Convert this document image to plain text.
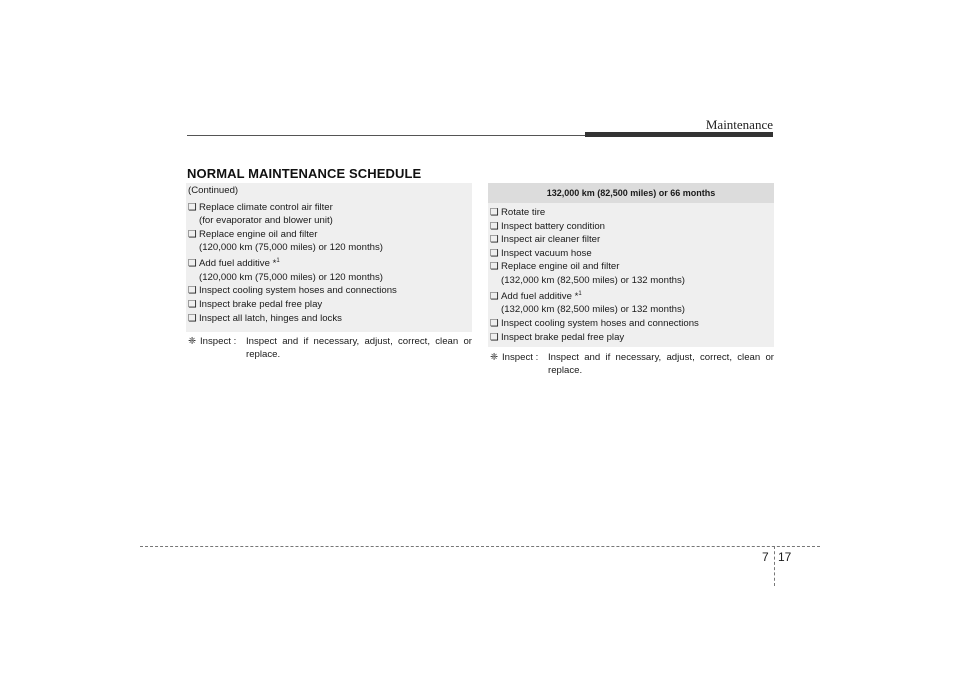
Maintenance
NORMAL MAINTENANCE SCHEDULE
(Continued)
❑ Replace climate control air filter
(for evaporator and blower unit)
❑ Replace engine oil and filter
(120,000 km (75,000 miles) or 120 months)
❑ Add fuel additive *$^1$
(120,000 km (75,000 miles) or 120 months)
❑ Inspect cooling system hoses and connections
❑ Inspect brake pedal free play
❑ Inspect all latch, hinges and locks
❈ Inspect :	Inspect and if necessary, adjust, correct, clean or replace.
132,000 km (82,500 miles) or 66 months
❑ Rotate tire
❑ Inspect battery condition
❑ Inspect air cleaner filter
❑ Inspect vacuum hose
❑ Replace engine oil and filter
(132,000 km (82,500 miles) or 132 months)
❑ Add fuel additive *$^1$
(132,000 km (82,500 miles) or 132 months)
❑ Inspect cooling system hoses and connections
❑ Inspect brake pedal free play
❈ Inspect :	Inspect and if necessary, adjust, correct, clean or replace.
7 17
